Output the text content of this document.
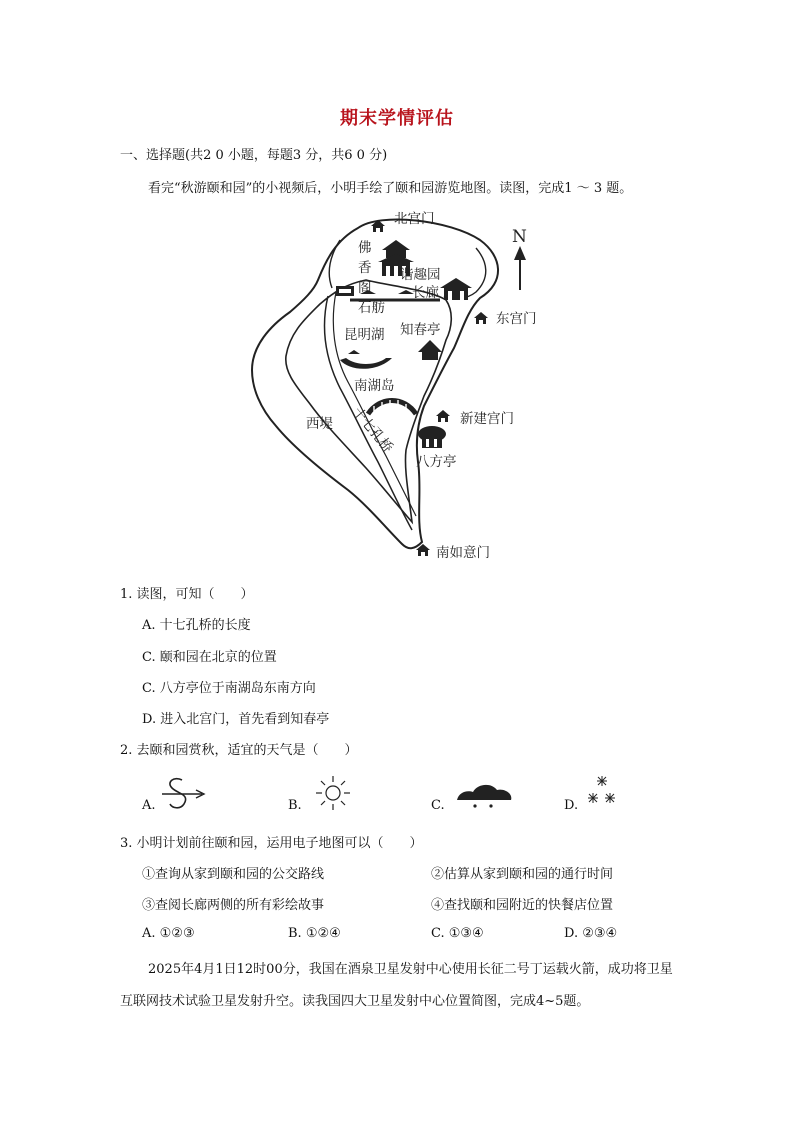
期末学情评估
一、选择题(共2 0 小题，每题3 分，共6 0 分)
看完“秋游颐和园”的小视频后，小明手绘了颐和园游览地图。读图，完成1 ～ 3 题。
N
北宫门
佛
香
阁
谐趣园
长廊
石舫
昆明湖 知春亭
东宫门
南湖岛
新建宫门
西堤 十七孔桥
八方亭
南如意门
1. 读图，可知（　　）
A. 十七孔桥的长度
C. 颐和园在北京的位置
C. 八方亭位于南湖岛东南方向
D. 进入北宫门，首先看到知春亭
2. 去颐和园赏秋，适宜的天气是（　　）
A.	B.	C.	D.
3. 小明计划前往颐和园，运用电子地图可以（　　）
①查询从家到颐和园的公交路线	②估算从家到颐和园的通行时间
③查阅长廊两侧的所有彩绘故事	④查找颐和园附近的快餐店位置
A. ①②③	B. ①②④	C. ①③④	D. ②③④
2025年4月1日12时00分，我国在酒泉卫星发射中心使用长征二号丁运载火箭，成功将卫星
互联网技术试验卫星发射升空。读我国四大卫星发射中心位置简图，完成4~5题。
